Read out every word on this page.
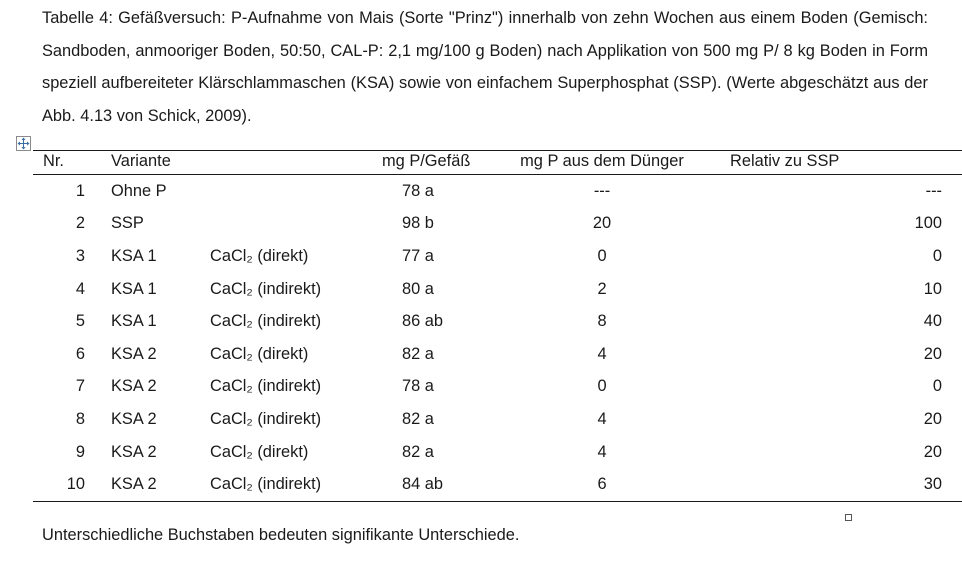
Tabelle 4: Gefäßversuch: P-Aufnahme von Mais (Sorte "Prinz") innerhalb von zehn Wochen aus einem Boden (Gemisch: Sandboden, anmooriger Boden, 50:50, CAL-P: 2,1 mg/100 g Boden) nach Applikation von 500 mg P/ 8 kg Boden in Form speziell aufbereiteter Klärschlammaschen (KSA) sowie von einfachem Superphosphat (SSP). (Werte abgeschätzt aus der Abb. 4.13 von Schick, 2009).

Nr.	Variante		mg P/Gefäß	mg P aus dem Dünger	Relativ zu SSP
1	Ohne P		78 a	---	---
2	SSP		98 b	20	100
3	KSA 1	CaCl₂ (direkt)	77 a	0	0
4	KSA 1	CaCl₂ (indirekt)	80 a	2	10
5	KSA 1	CaCl₂ (indirekt)	86 ab	8	40
6	KSA 2	CaCl₂ (direkt)	82 a	4	20
7	KSA 2	CaCl₂ (indirekt)	78 a	0	0
8	KSA 2	CaCl₂ (indirekt)	82 a	4	20
9	KSA 2	CaCl₂ (direkt)	82 a	4	20
10	KSA 2	CaCl₂ (indirekt)	84 ab	6	30

Unterschiedliche Buchstaben bedeuten signifikante Unterschiede.
